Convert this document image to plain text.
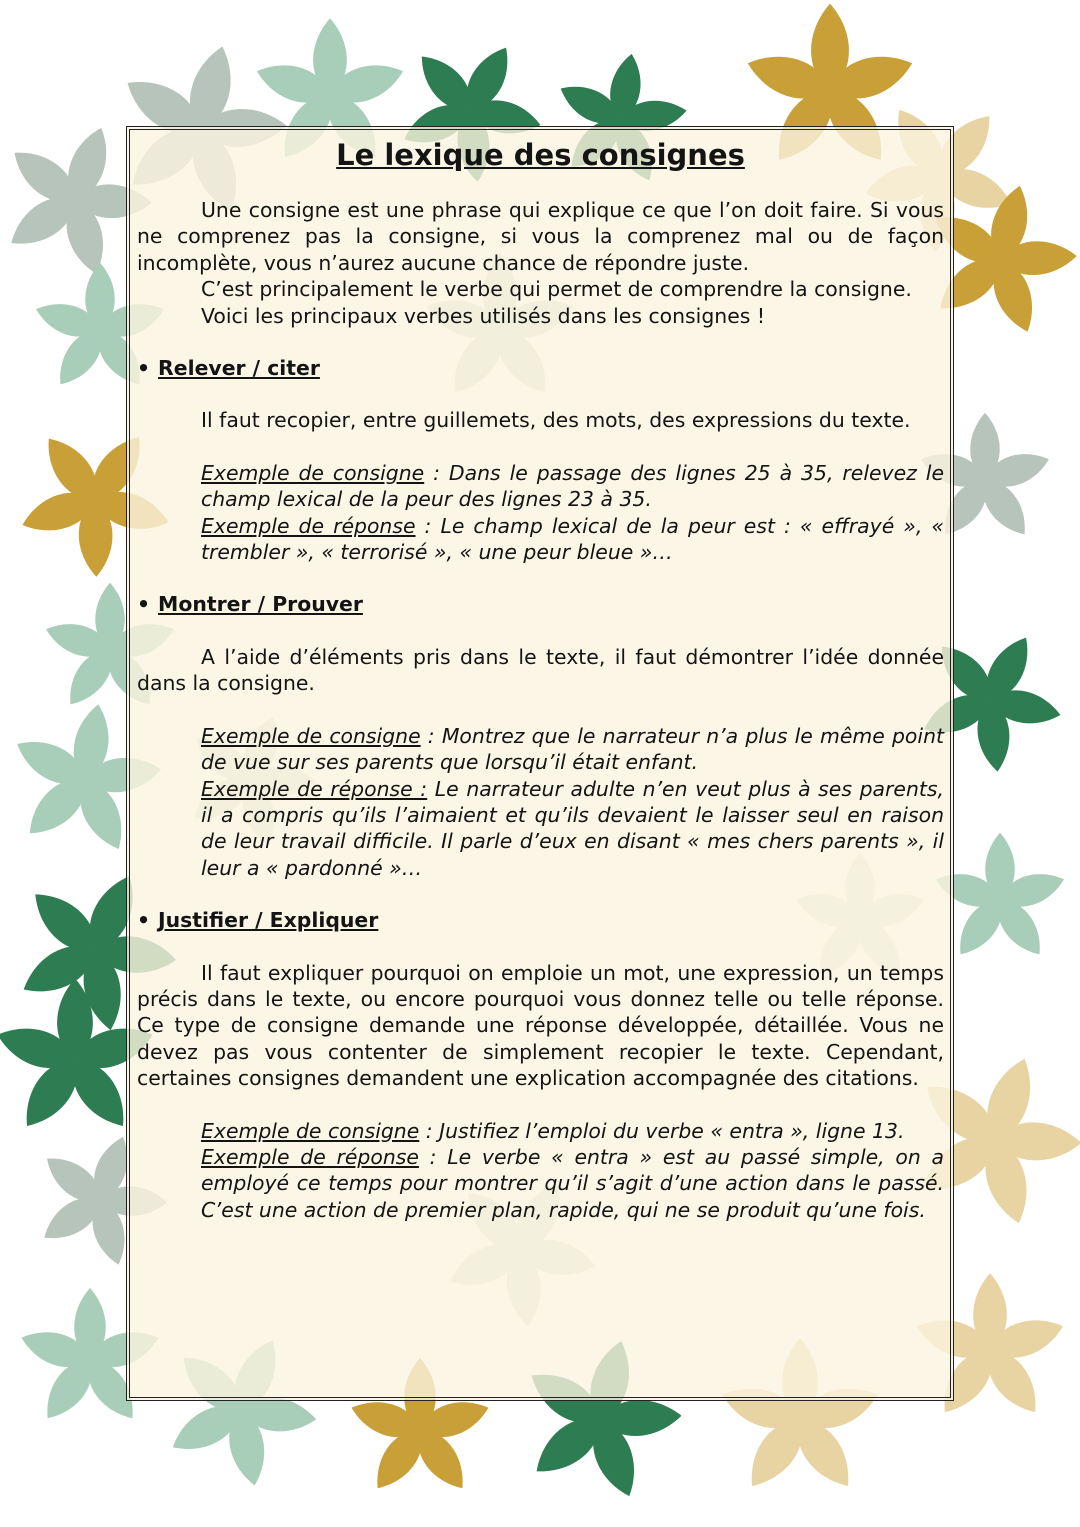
Le lexique des consignes

Une consigne est une phrase qui explique ce que l’on doit faire. Si vous ne comprenez pas la consigne, si vous la comprenez mal ou de façon incomplète, vous n’aurez aucune chance de répondre juste.

C’est principalement le verbe qui permet de comprendre la consigne.

Voici les principaux verbes utilisés dans les consignes !

• Relever / citer

Il faut recopier, entre guillemets, des mots, des expressions du texte.

Exemple de consigne : Dans le passage des lignes 25 à 35, relevez le champ lexical de la peur des lignes 23 à 35.

Exemple de réponse : Le champ lexical de la peur est : « effrayé », « trembler », « terrorisé », « une peur bleue »…

• Montrer / Prouver

A l’aide d’éléments pris dans le texte, il faut démontrer l’idée donnée dans la consigne.

Exemple de consigne : Montrez que le narrateur n’a plus le même point de vue sur ses parents que lorsqu’il était enfant.

Exemple de réponse : Le narrateur adulte n’en veut plus à ses parents, il a compris qu’ils l’aimaient et qu’ils devaient le laisser seul en raison de leur travail difficile. Il parle d’eux en disant « mes chers parents », il leur a « pardonné »…

• Justifier / Expliquer

Il faut expliquer pourquoi on emploie un mot, une expression, un temps précis dans le texte, ou encore pourquoi vous donnez telle ou telle réponse. Ce type de consigne demande une réponse développée, détaillée. Vous ne devez pas vous contenter de simplement recopier le texte. Cependant, certaines consignes demandent une explication accompagnée des citations.

Exemple de consigne : Justifiez l’emploi du verbe « entra », ligne 13.

Exemple de réponse : Le verbe « entra » est au passé simple, on a employé ce temps pour montrer qu’il s’agit d’une action dans le passé. C’est une action de premier plan, rapide, qui ne se produit qu’une fois.
